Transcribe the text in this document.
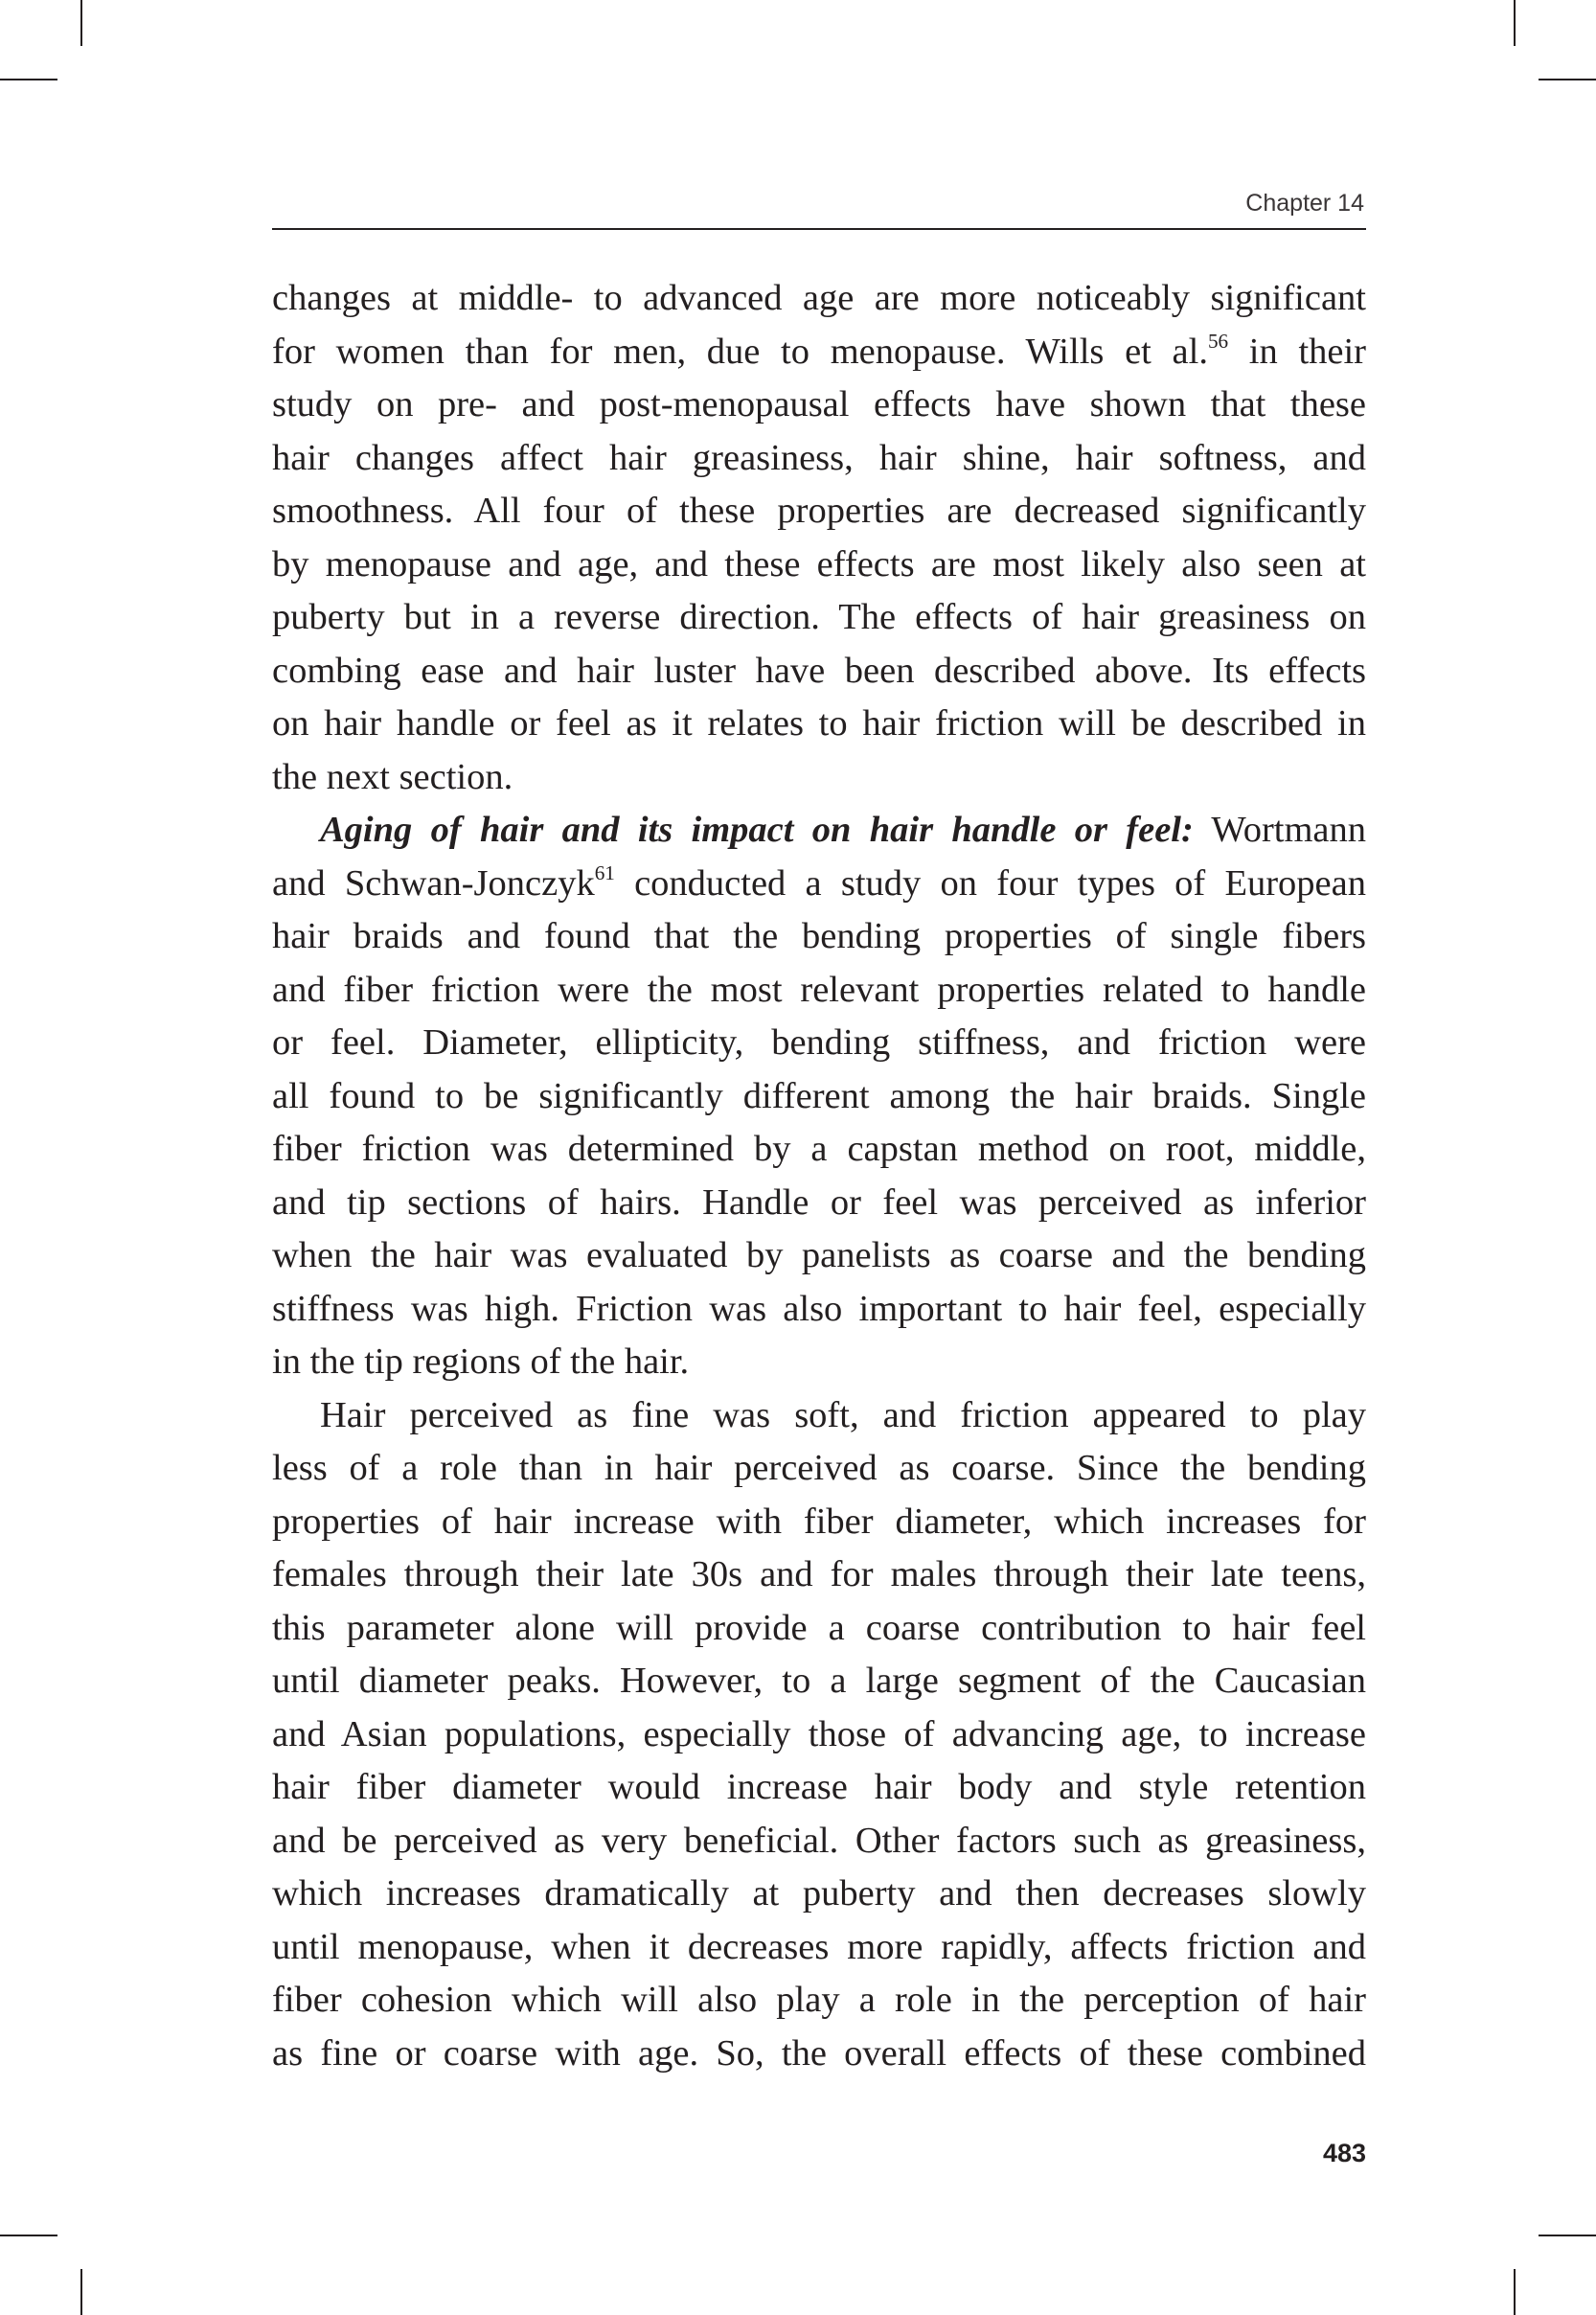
Chapter 14
changes at middle- to advanced age are more noticeably significant
for women than for men, due to menopause. Wills et al.$^{56}$ in their
study on pre- and post-menopausal effects have shown that these
hair changes affect hair greasiness, hair shine, hair softness, and
smoothness. All four of these properties are decreased significantly
by menopause and age, and these effects are most likely also seen at
puberty but in a reverse direction. The effects of hair greasiness on
combing ease and hair luster have been described above. Its effects
on hair handle or feel as it relates to hair friction will be described in
the next section.
Aging of hair and its impact on hair handle or feel: Wortmann
and Schwan-Jonczyk$^{61}$ conducted a study on four types of European
hair braids and found that the bending properties of single fibers
and fiber friction were the most relevant properties related to handle
or feel. Diameter, ellipticity, bending stiffness, and friction were
all found to be significantly different among the hair braids. Single
fiber friction was determined by a capstan method on root, middle,
and tip sections of hairs. Handle or feel was perceived as inferior
when the hair was evaluated by panelists as coarse and the bending
stiffness was high. Friction was also important to hair feel, especially
in the tip regions of the hair.
Hair perceived as fine was soft, and friction appeared to play
less of a role than in hair perceived as coarse. Since the bending
properties of hair increase with fiber diameter, which increases for
females through their late 30s and for males through their late teens,
this parameter alone will provide a coarse contribution to hair feel
until diameter peaks. However, to a large segment of the Caucasian
and Asian populations, especially those of advancing age, to increase
hair fiber diameter would increase hair body and style retention
and be perceived as very beneficial. Other factors such as greasiness,
which increases dramatically at puberty and then decreases slowly
until menopause, when it decreases more rapidly, affects friction and
fiber cohesion which will also play a role in the perception of hair
as fine or coarse with age. So, the overall effects of these combined
483
